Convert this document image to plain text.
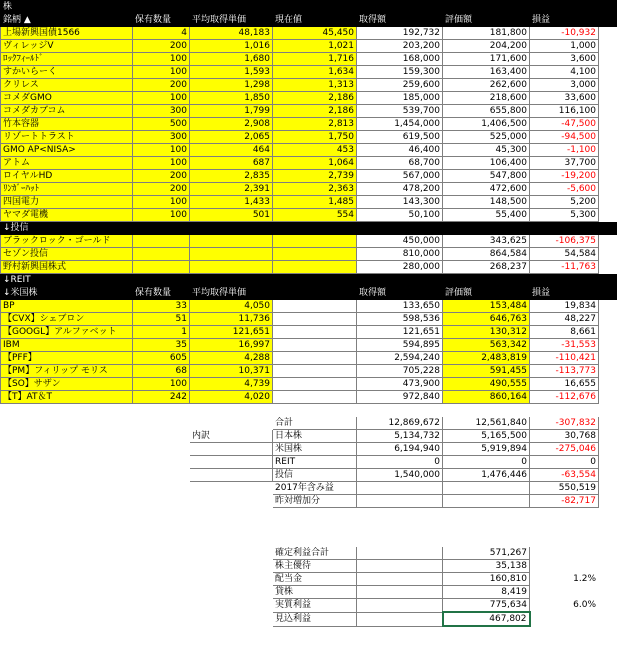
株							
銘柄 ▲	保有数量	平均取得単価	現在値	取得額	評価額	損益	
上場新興国債1566	4	48,183	45,450	192,732	181,800	-10,932	
ヴィレッジV	200	1,016	1,021	203,200	204,200	1,000	
ﾛｯｸﾌｨｰﾙﾄﾞ	100	1,680	1,716	168,000	171,600	3,600	
すかいらーく	100	1,593	1,634	159,300	163,400	4,100	
クリレス	200	1,298	1,313	259,600	262,600	3,000	
コメダGMO	100	1,850	2,186	185,000	218,600	33,600	
コメダカブコム	300	1,799	2,186	539,700	655,800	116,100	
竹本容器	500	2,908	2,813	1,454,000	1,406,500	-47,500	
リゾートトラスト	300	2,065	1,750	619,500	525,000	-94,500	
GMO AP<NISA>	100	464	453	46,400	45,300	-1,100	
アトム	100	687	1,064	68,700	106,400	37,700	
ロイヤルHD	200	2,835	2,739	567,000	547,800	-19,200	
ﾘﾝｶﾞｰﾊｯﾄ	200	2,391	2,363	478,200	472,600	-5,600	
四国電力	100	1,433	1,485	143,300	148,500	5,200	
ヤマダ電機	100	501	554	50,100	55,400	5,300	
↓投信							
ブラックロック・ゴールド				450,000	343,625	-106,375	
セゾン投信				810,000	864,584	54,584	
野村新興国株式				280,000	268,237	-11,763	
↓REIT							
↓米国株	保有数量	平均取得単価		取得額	評価額	損益	
BP	33	4,050		133,650	153,484	19,834	
【CVX】シェブロン	51	11,736		598,536	646,763	48,227	
【GOOGL】アルファベット	1	121,651		121,651	130,312	8,661	
IBM	35	16,997		594,895	563,342	-31,553	
【PFF】	605	4,288		2,594,240	2,483,819	-110,421	
【PM】フィリップ モリス	68	10,371		705,228	591,455	-113,773	
【SO】サザン	100	4,739		473,900	490,555	16,655	
【T】AT＆T	242	4,020		972,840	860,164	-112,676	

			合計	12,869,672	12,561,840	-307,832	
		内訳	日本株	5,134,732	5,165,500	30,768	
			米国株	6,194,940	5,919,894	-275,046	
			REIT	0	0	0	
			投信	1,540,000	1,476,446	-63,554	
			2017年含み益			550,519	
			昨対増加分			-82,717	

			確定利益合計		571,267		
			株主優待		35,138		
			配当金		160,810	1.2%	
			貸株		8,419		
			実質利益		775,634	6.0%	
			見込利益		467,802		
